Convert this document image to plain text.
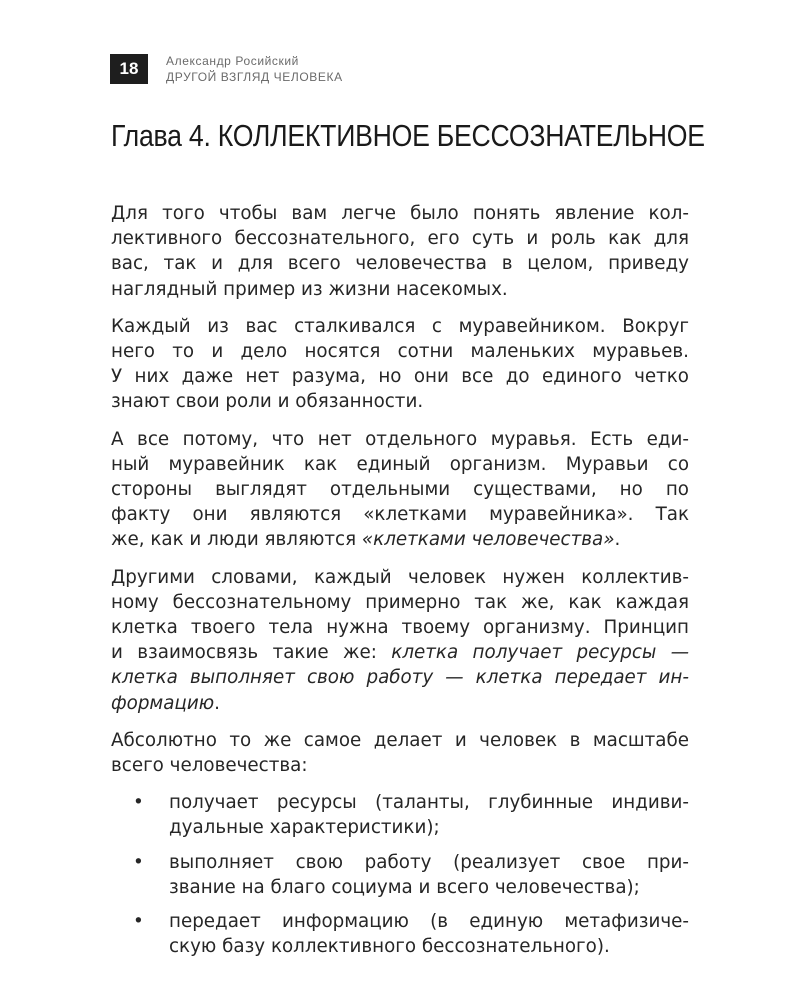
18	Александр Росийский
ДРУГОЙ ВЗГЛЯД ЧЕЛОВЕКА
Глава 4. КОЛЛЕКТИВНОЕ БЕССОЗНАТЕЛЬНОЕ

Для того чтобы вам легче было понять явление кол-
лективного бессознательного, его суть и роль как для
вас, так и для всего человечества в целом, приведу
наглядный пример из жизни насекомых.

Каждый из вас сталкивался с муравейником. Вокруг
него то и дело носятся сотни маленьких муравьев.
У них даже нет разума, но они все до единого четко
знают свои роли и обязанности.

А все потому, что нет отдельного муравья. Есть еди-
ный муравейник как единый организм. Муравьи со
стороны выглядят отдельными существами, но по
факту они являются «клетками муравейника». Так
же, как и люди являются «клетками человечества».

Другими словами, каждый человек нужен коллектив-
ному бессознательному примерно так же, как каждая
клетка твоего тела нужна твоему организму. Принцип
и взаимосвязь такие же: клетка получает ресурсы —
клетка выполняет свою работу — клетка передает ин-
формацию.

Абсолютно то же самое делает и человек в масштабе
всего человечества:

• получает ресурсы (таланты, глубинные индиви-
дуальные характеристики);
• выполняет свою работу (реализует свое при-
звание на благо социума и всего человечества);
• передает информацию (в единую метафизиче-
скую базу коллективного бессознательного).
